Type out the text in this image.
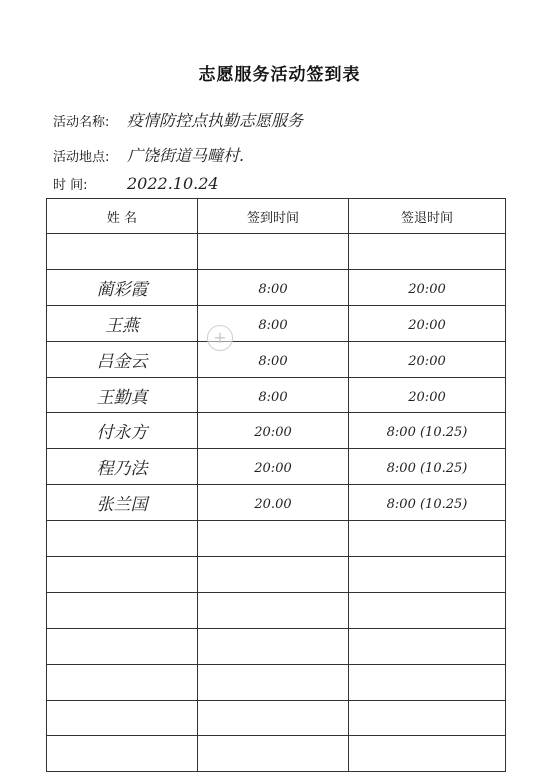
志愿服务活动签到表
活动名称: 疫情防控点执勤志愿服务
活动地点: 广饶街道马疃村.
时 间: 2022.10.24
姓 名	签到时间	签退时间

蔺彩霞	8:00	20:00
王燕	8:00	20:00
吕金云	8:00	20:00
王勤真	8:00	20:00
付永方	20:00	8:00 (10.25)
程乃法	20:00	8:00 (10.25)
张兰国	20.00	8:00 (10.25)

+
